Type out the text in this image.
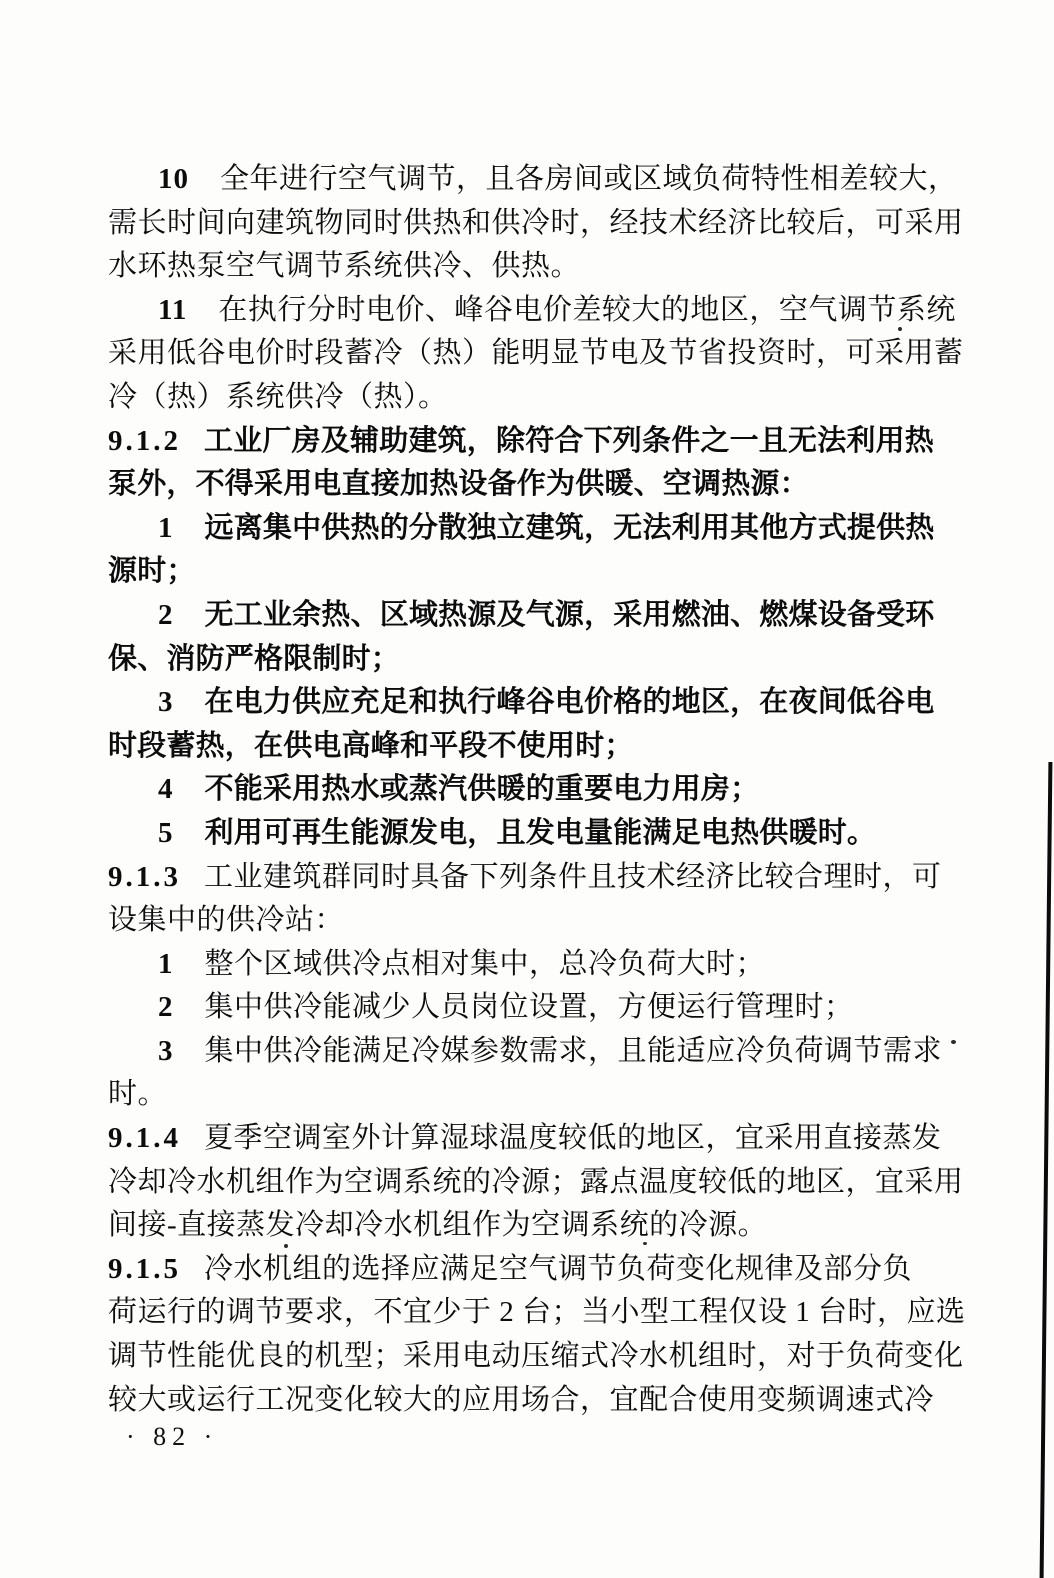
10 全年进行空气调节，且各房间或区域负荷特性相差较大，
需长时间向建筑物同时供热和供冷时，经技术经济比较后，可采用
水环热泵空气调节系统供冷、供热。
11 在执行分时电价、峰谷电价差较大的地区，空气调节系统
采用低谷电价时段蓄冷（热）能明显节电及节省投资时，可采用蓄
冷（热）系统供冷（热）。
9.1.2 工业厂房及辅助建筑，除符合下列条件之一且无法利用热
泵外，不得采用电直接加热设备作为供暖、空调热源：
1 远离集中供热的分散独立建筑，无法利用其他方式提供热
源时；
2 无工业余热、区域热源及气源，采用燃油、燃煤设备受环
保、消防严格限制时；
3 在电力供应充足和执行峰谷电价格的地区，在夜间低谷电
时段蓄热，在供电高峰和平段不使用时；
4 不能采用热水或蒸汽供暖的重要电力用房；
5 利用可再生能源发电，且发电量能满足电热供暖时。
9.1.3 工业建筑群同时具备下列条件且技术经济比较合理时，可
设集中的供冷站：
1 整个区域供冷点相对集中，总冷负荷大时；
2 集中供冷能减少人员岗位设置，方便运行管理时；
3 集中供冷能满足冷媒参数需求，且能适应冷负荷调节需求
时。
9.1.4 夏季空调室外计算湿球温度较低的地区，宜采用直接蒸发
冷却冷水机组作为空调系统的冷源；露点温度较低的地区，宜采用
间接-直接蒸发冷却冷水机组作为空调系统的冷源。
9.1.5 冷水机组的选择应满足空气调节负荷变化规律及部分负
荷运行的调节要求，不宜少于 2 台；当小型工程仅设 1 台时，应选
调节性能优良的机型；采用电动压缩式冷水机组时，对于负荷变化
较大或运行工况变化较大的应用场合，宜配合使用变频调速式冷
· 82 ·
